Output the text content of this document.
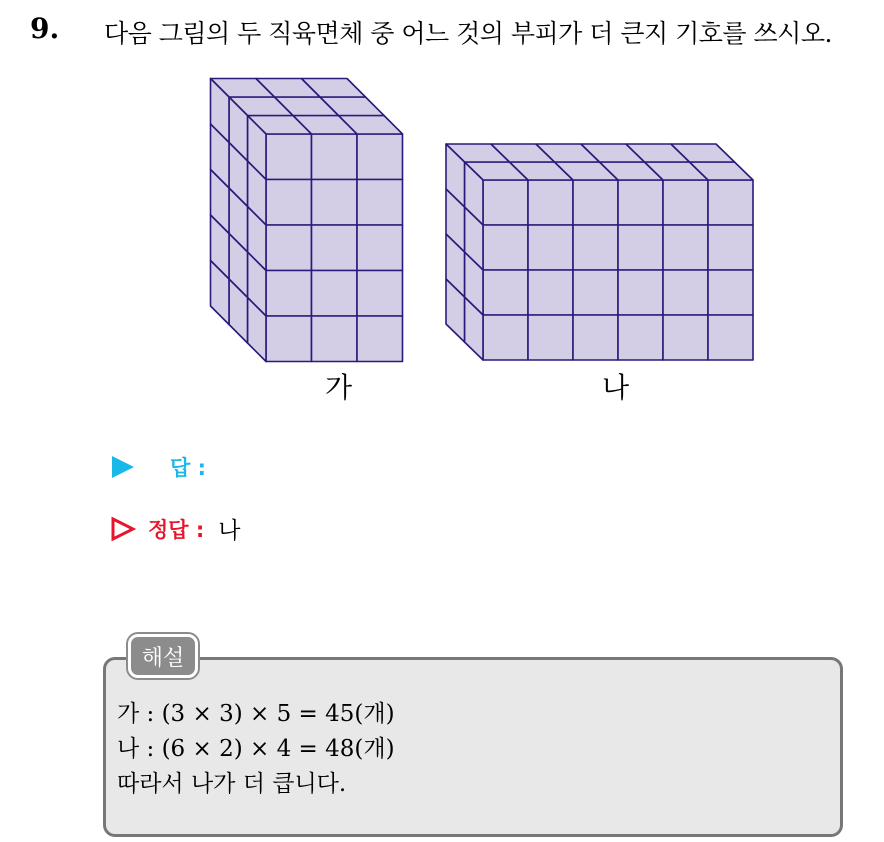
9. 다음 그림의 두 직육면체 중 어느 것의 부피가 더 큰지 기호를 쓰시오.
가	나
답 :
정답 : 나
해설
가 : (3 × 3) × 5 = 45(개)
나 : (6 × 2) × 4 = 48(개)
따라서 나가 더 큽니다.
